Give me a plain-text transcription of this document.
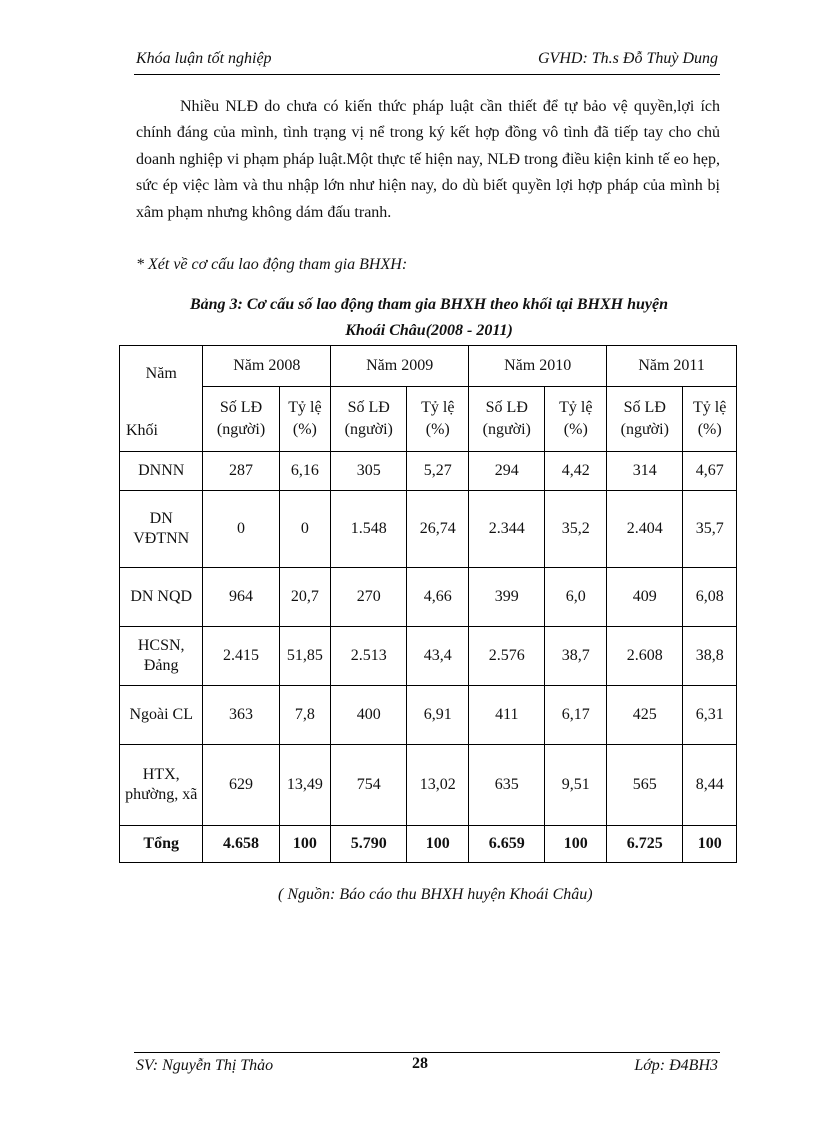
Khóa luận tốt nghiệp	GVHD: Th.s Đỗ Thuỳ Dung

Nhiều NLĐ do chưa có kiến thức pháp luật cần thiết để tự bảo vệ quyền,lợi ích chính đáng của mình, tình trạng vị nể trong ký kết hợp đồng vô tình đã tiếp tay cho chủ doanh nghiệp vi phạm pháp luật.Một thực tế hiện nay, NLĐ trong điều kiện kinh tế eo hẹp, sức ép việc làm và thu nhập lớn như hiện nay, do dù biết quyền lợi hợp pháp của mình bị xâm phạm nhưng không dám đấu tranh.

* Xét về cơ cấu lao động tham gia BHXH:
Bảng 3: Cơ cấu số lao động tham gia BHXH theo khối tại BHXH huyện
Khoái Châu(2008 - 2011)
Năm
Khối	Năm 2008		Năm 2009		Năm 2010		Năm 2011	
	Số LĐ (người)	Tỷ lệ (%)	Số LĐ (người)	Tỷ lệ (%)	Số LĐ (người)	Tỷ lệ (%)	Số LĐ (người)	Tỷ lệ (%)
DNNN	287	6,16	305	5,27	294	4,42	314	4,67
DN VĐTNN	0	0	1.548	26,74	2.344	35,2	2.404	35,7
DN NQD	964	20,7	270	4,66	399	6,0	409	6,08
HCSN, Đảng	2.415	51,85	2.513	43,4	2.576	38,7	2.608	38,8
Ngoài CL	363	7,8	400	6,91	411	6,17	425	6,31
HTX, phường, xã	629	13,49	754	13,02	635	9,51	565	8,44
Tổng	4.658	100	5.790	100	6.659	100	6.725	100
( Nguồn: Báo cáo thu BHXH huyện Khoái Châu)
SV: Nguyễn Thị Thảo	28	Lớp: Đ4BH3
